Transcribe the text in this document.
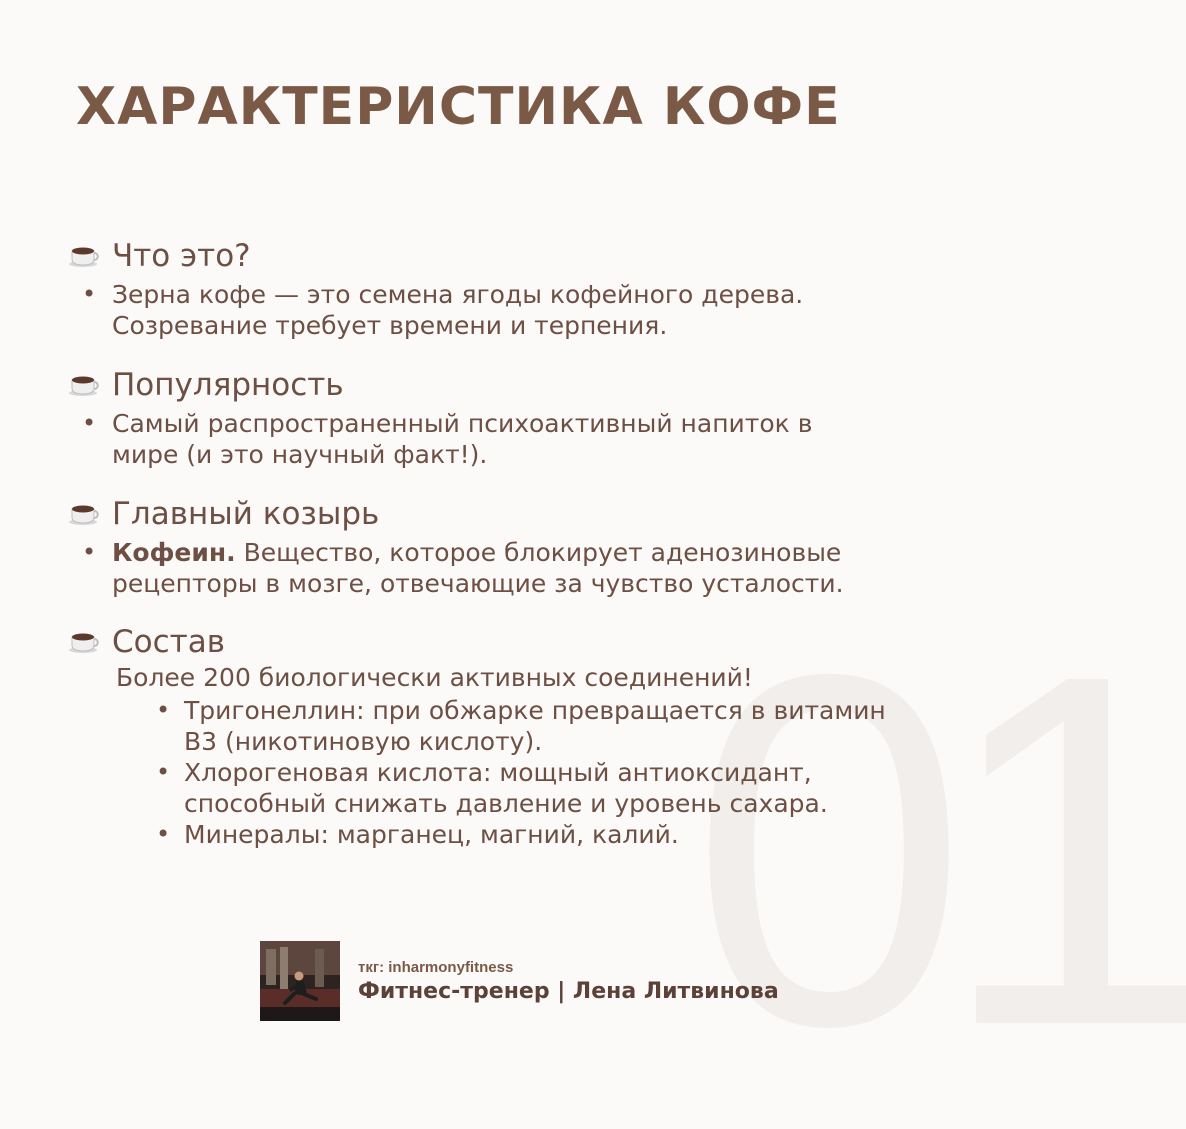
01
ХАРАКТЕРИСТИКА КОФЕ
Что это?
• Зерна кофе — это семена ягоды кофейного дерева.
Созревание требует времени и терпения.
Популярность
• Самый распространенный психоактивный напиток в
мире (и это научный факт!).
Главный козырь
• Кофеин. Вещество, которое блокирует аденозиновые
рецепторы в мозге, отвечающие за чувство усталости.
Состав
Более 200 биологически активных соединений!
• Тригонеллин: при обжарке превращается в витамин
B3 (никотиновую кислоту).
• Хлорогеновая кислота: мощный антиоксидант,
способный снижать давление и уровень сахара.
• Минералы: марганец, магний, калий.
ткг: inharmonyfitness
Фитнес-тренер | Лена Литвинова
